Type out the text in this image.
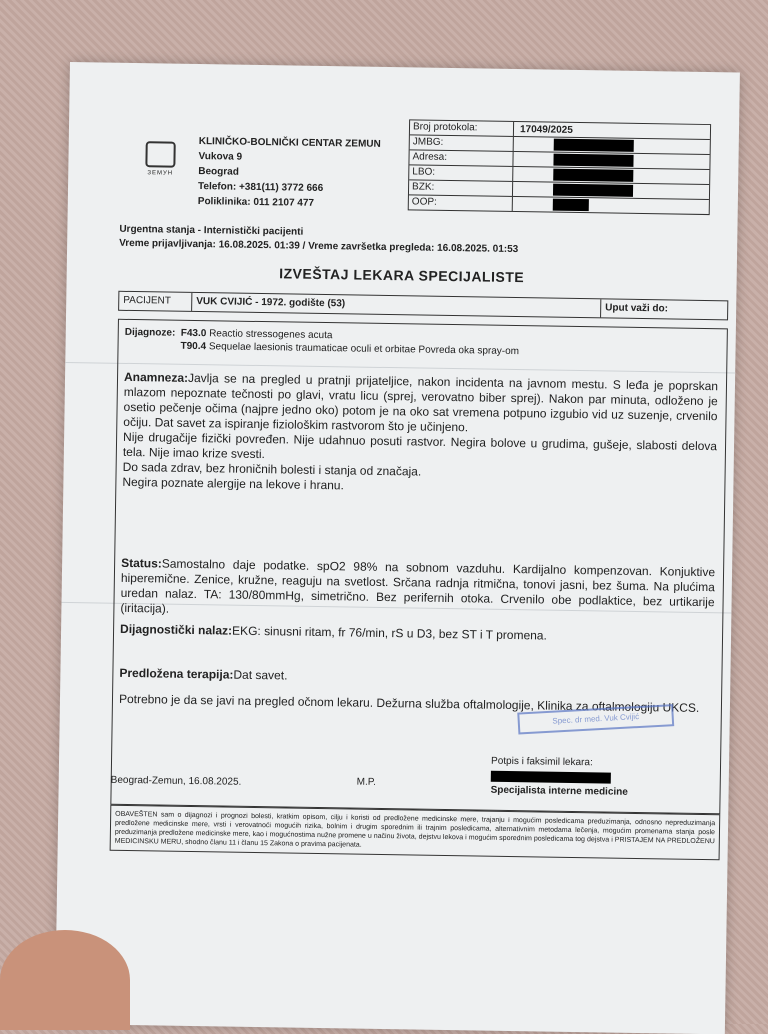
ЗЕМУН
KLINIČKO-BOLNIČKI CENTAR ZEMUN
Vukova 9
Beograd
Telefon: +381(11) 3772 666
Poliklinika: 011 2107 477
Broj protokola:	17049/2025
JMBG:
Adresa:
LBO:
BZK:
OOP:
Urgentna stanja - Internistički pacijenti
Vreme prijavljivanja: 16.08.2025. 01:39 / Vreme završetka pregleda: 16.08.2025. 01:53
IZVEŠTAJ LEKARA SPECIJALISTE
PACIJENT	VUK CVIJIĆ - 1972. godište (53)	Uput važi do:
Dijagnoze: F43.0 Reactio stressogenes acuta
T90.4 Sequelae laesionis traumaticae oculi et orbitae Povreda oka spray-om
Anamneza:Javlja se na pregled u pratnji prijateljice, nakon incidenta na javnom mestu. S leđa je poprskan mlazom nepoznate tečnosti po glavi, vratu licu (sprej, verovatno biber sprej). Nakon par minuta, odloženo je osetio pečenje očima (najpre jedno oko) potom je na oko sat vremena potpuno izgubio vid uz suzenje, crvenilo očiju. Dat savet za ispiranje fiziološkim rastvorom što je učinjeno.
Nije drugačije fizički povređen. Nije udahnuo posuti rastvor. Negira bolove u grudima, gušeje, slabosti delova tela. Nije imao krize svesti.
Do sada zdrav, bez hroničnih bolesti i stanja od značaja.
Negira poznate alergije na lekove i hranu.
Status:Samostalno daje podatke. spO2 98% na sobnom vazduhu. Kardijalno kompenzovan. Konjuktive hiperemične. Zenice, kružne, reaguju na svetlost. Srčana radnja ritmična, tonovi jasni, bez šuma. Na plućima uredan nalaz. TA: 130/80mmHg, simetrično. Bez perifernih otoka. Crvenilo obe podlaktice, bez urtikarije (iritacija).
Dijagnostički nalaz:EKG: sinusni ritam, fr 76/min, rS u D3, bez ST i T promena.
Predložena terapija:Dat savet.
Potrebno je da se javi na pregled očnom lekaru. Dežurna služba oftalmologije, Klinika za oftalmologiju UKCS.
Spec. dr med. Vuk Cvijić
Beograd-Zemun, 16.08.2025.	M.P.
Potpis i faksimil lekara:
Specijalista interne medicine
OBAVEŠTEN sam o dijagnozi i prognozi bolesti, kratkim opisom, cilju i koristi od predložene medicinske mere, trajanju i mogućim posledicama preduzimanja, odnosno nepreduzimanja predložene medicinske mere, vrsti i verovatnoći mogućih rizika, bolnim i drugim sporednim ili trajnim posledicama, alternativnim metodama lečenja, mogućim promenama stanja posle preduzimanja predložene medicinske mere, kao i mogućnostima nužne promene u načinu života, dejstvu lekova i mogućim sporednim posledicama tog dejstva i PRISTAJEM NA PREDLOŽENU MEDICINSKU MERU, shodno članu 11 i članu 15 Zakona o pravima pacijenata.
